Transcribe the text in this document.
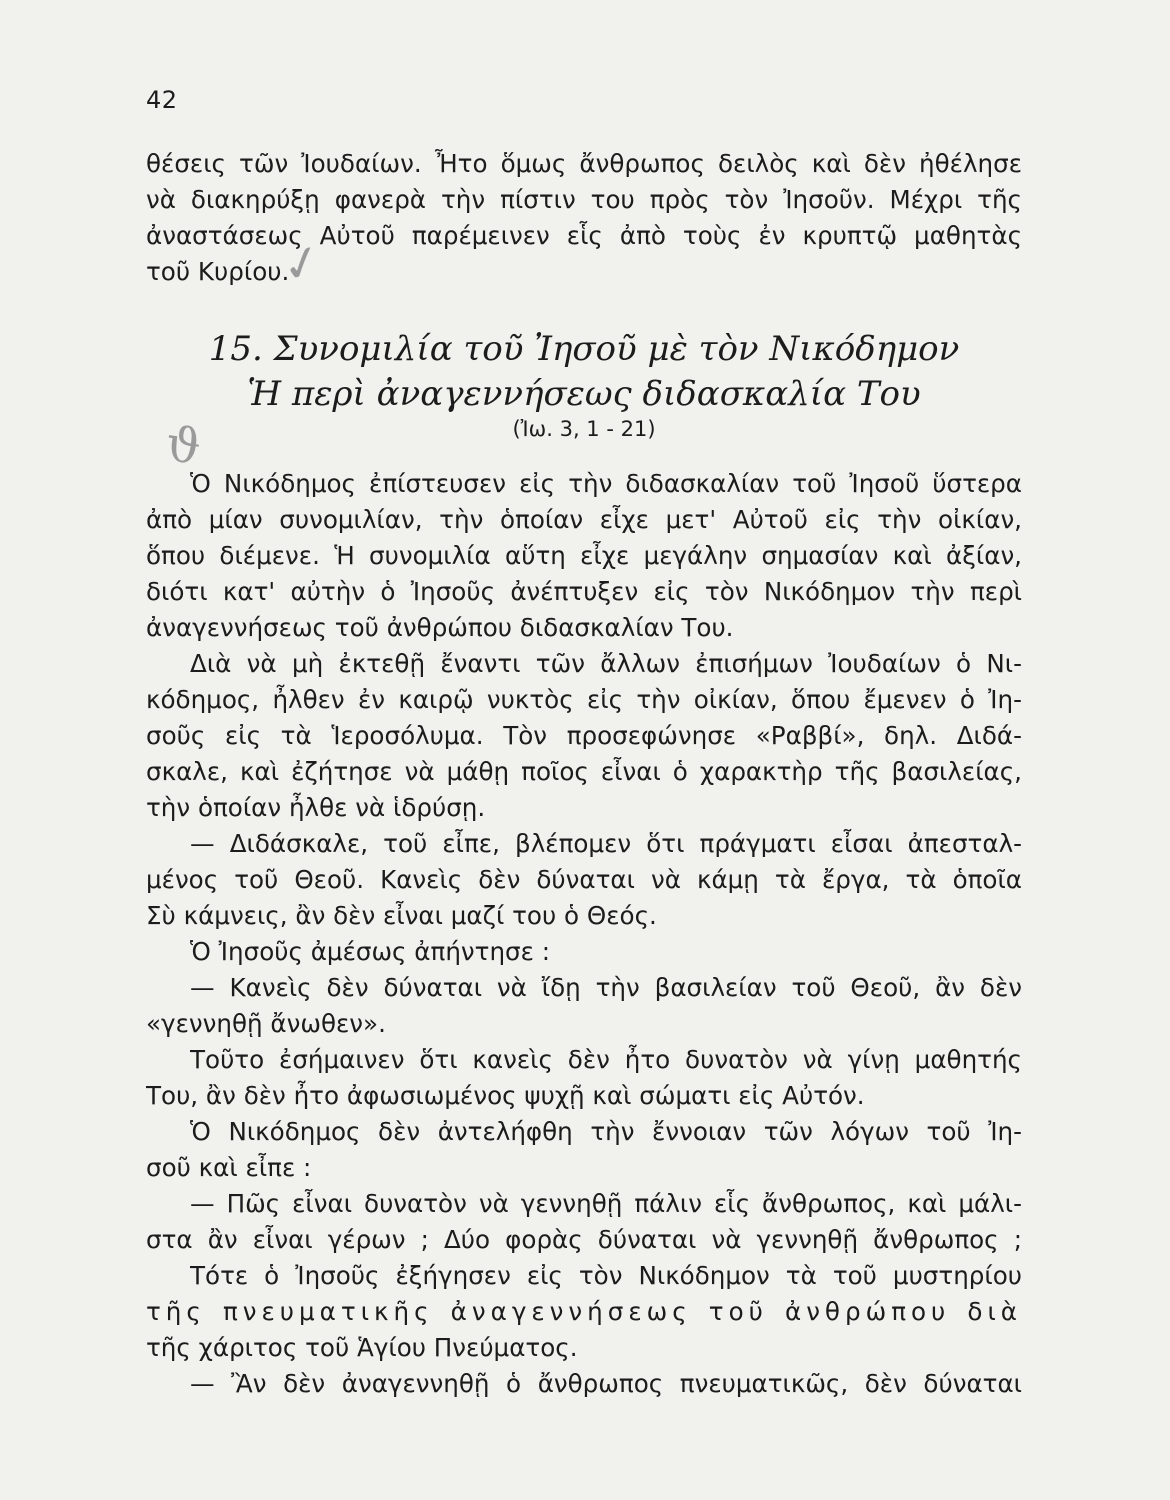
42
θέσεις τῶν Ἰουδαίων. Ἦτο ὅμως ἄνθρωπος δειλὸς καὶ δὲν ἠθέλησε
νὰ διακηρύξῃ φανερὰ τὴν πίστιν του πρὸς τὸν Ἰησοῦν. Μέχρι τῆς
ἀναστάσεως Αὐτοῦ παρέμεινεν εἷς ἀπὸ τοὺς ἐν κρυπτῷ μαθητὰς
τοῦ Κυρίου.
✓
15. Συνομιλία τοῦ Ἰησοῦ μὲ τὸν Νικόδημον
Ἡ περὶ ἀναγεννήσεως διδασκαλία Του
(Ἰω. 3, 1 - 21)
ϑ
Ὁ Νικόδημος ἐπίστευσεν εἰς τὴν διδασκαλίαν τοῦ Ἰησοῦ ὕστερα
ἀπὸ μίαν συνομιλίαν, τὴν ὁποίαν εἶχε μετ' Αὐτοῦ εἰς τὴν οἰκίαν,
ὅπου διέμενε. Ἡ συνομιλία αὕτη εἶχε μεγάλην σημασίαν καὶ ἀξίαν,
διότι κατ' αὐτὴν ὁ Ἰησοῦς ἀνέπτυξεν εἰς τὸν Νικόδημον τὴν περὶ
ἀναγεννήσεως τοῦ ἀνθρώπου διδασκαλίαν Του.
Διὰ νὰ μὴ ἐκτεθῇ ἔναντι τῶν ἄλλων ἐπισήμων Ἰουδαίων ὁ Νι-
κόδημος, ἦλθεν ἐν καιρῷ νυκτὸς εἰς τὴν οἰκίαν, ὅπου ἔμενεν ὁ Ἰη-
σοῦς εἰς τὰ Ἱεροσόλυμα. Τὸν προσεφώνησε «Ραββί», δηλ. Διδά-
σκαλε, καὶ ἐζήτησε νὰ μάθῃ ποῖος εἶναι ὁ χαρακτὴρ τῆς βασιλείας,
τὴν ὁποίαν ἦλθε νὰ ἱδρύσῃ.
— Διδάσκαλε, τοῦ εἶπε, βλέπομεν ὅτι πράγματι εἶσαι ἀπεσταλ-
μένος τοῦ Θεοῦ. Κανεὶς δὲν δύναται νὰ κάμῃ τὰ ἔργα, τὰ ὁποῖα
Σὺ κάμνεις, ἂν δὲν εἶναι μαζί του ὁ Θεός.
Ὁ Ἰησοῦς ἀμέσως ἀπήντησε :
— Κανεὶς δὲν δύναται νὰ ἴδῃ τὴν βασιλείαν τοῦ Θεοῦ, ἂν δὲν
«γεννηθῇ ἄνωθεν».
Τοῦτο ἐσήμαινεν ὅτι κανεὶς δὲν ἦτο δυνατὸν νὰ γίνῃ μαθητής
Του, ἂν δὲν ἦτο ἀφωσιωμένος ψυχῇ καὶ σώματι εἰς Αὐτόν.
Ὁ Νικόδημος δὲν ἀντελήφθη τὴν ἔννοιαν τῶν λόγων τοῦ Ἰη-
σοῦ καὶ εἶπε :
— Πῶς εἶναι δυνατὸν νὰ γεννηθῇ πάλιν εἷς ἄνθρωπος, καὶ μάλι-
στα ἂν εἶναι γέρων ; Δύο φορὰς δύναται νὰ γεννηθῇ ἄνθρωπος ;
Τότε ὁ Ἰησοῦς ἐξήγησεν εἰς τὸν Νικόδημον τὰ τοῦ μυστηρίου
τῆς πνευματικῆς ἀναγεννήσεως τοῦ ἀνθρώπου διὰ
τῆς χάριτος τοῦ Ἁγίου Πνεύματος.
— Ἂν δὲν ἀναγεννηθῇ ὁ ἄνθρωπος πνευματικῶς, δὲν δύναται
